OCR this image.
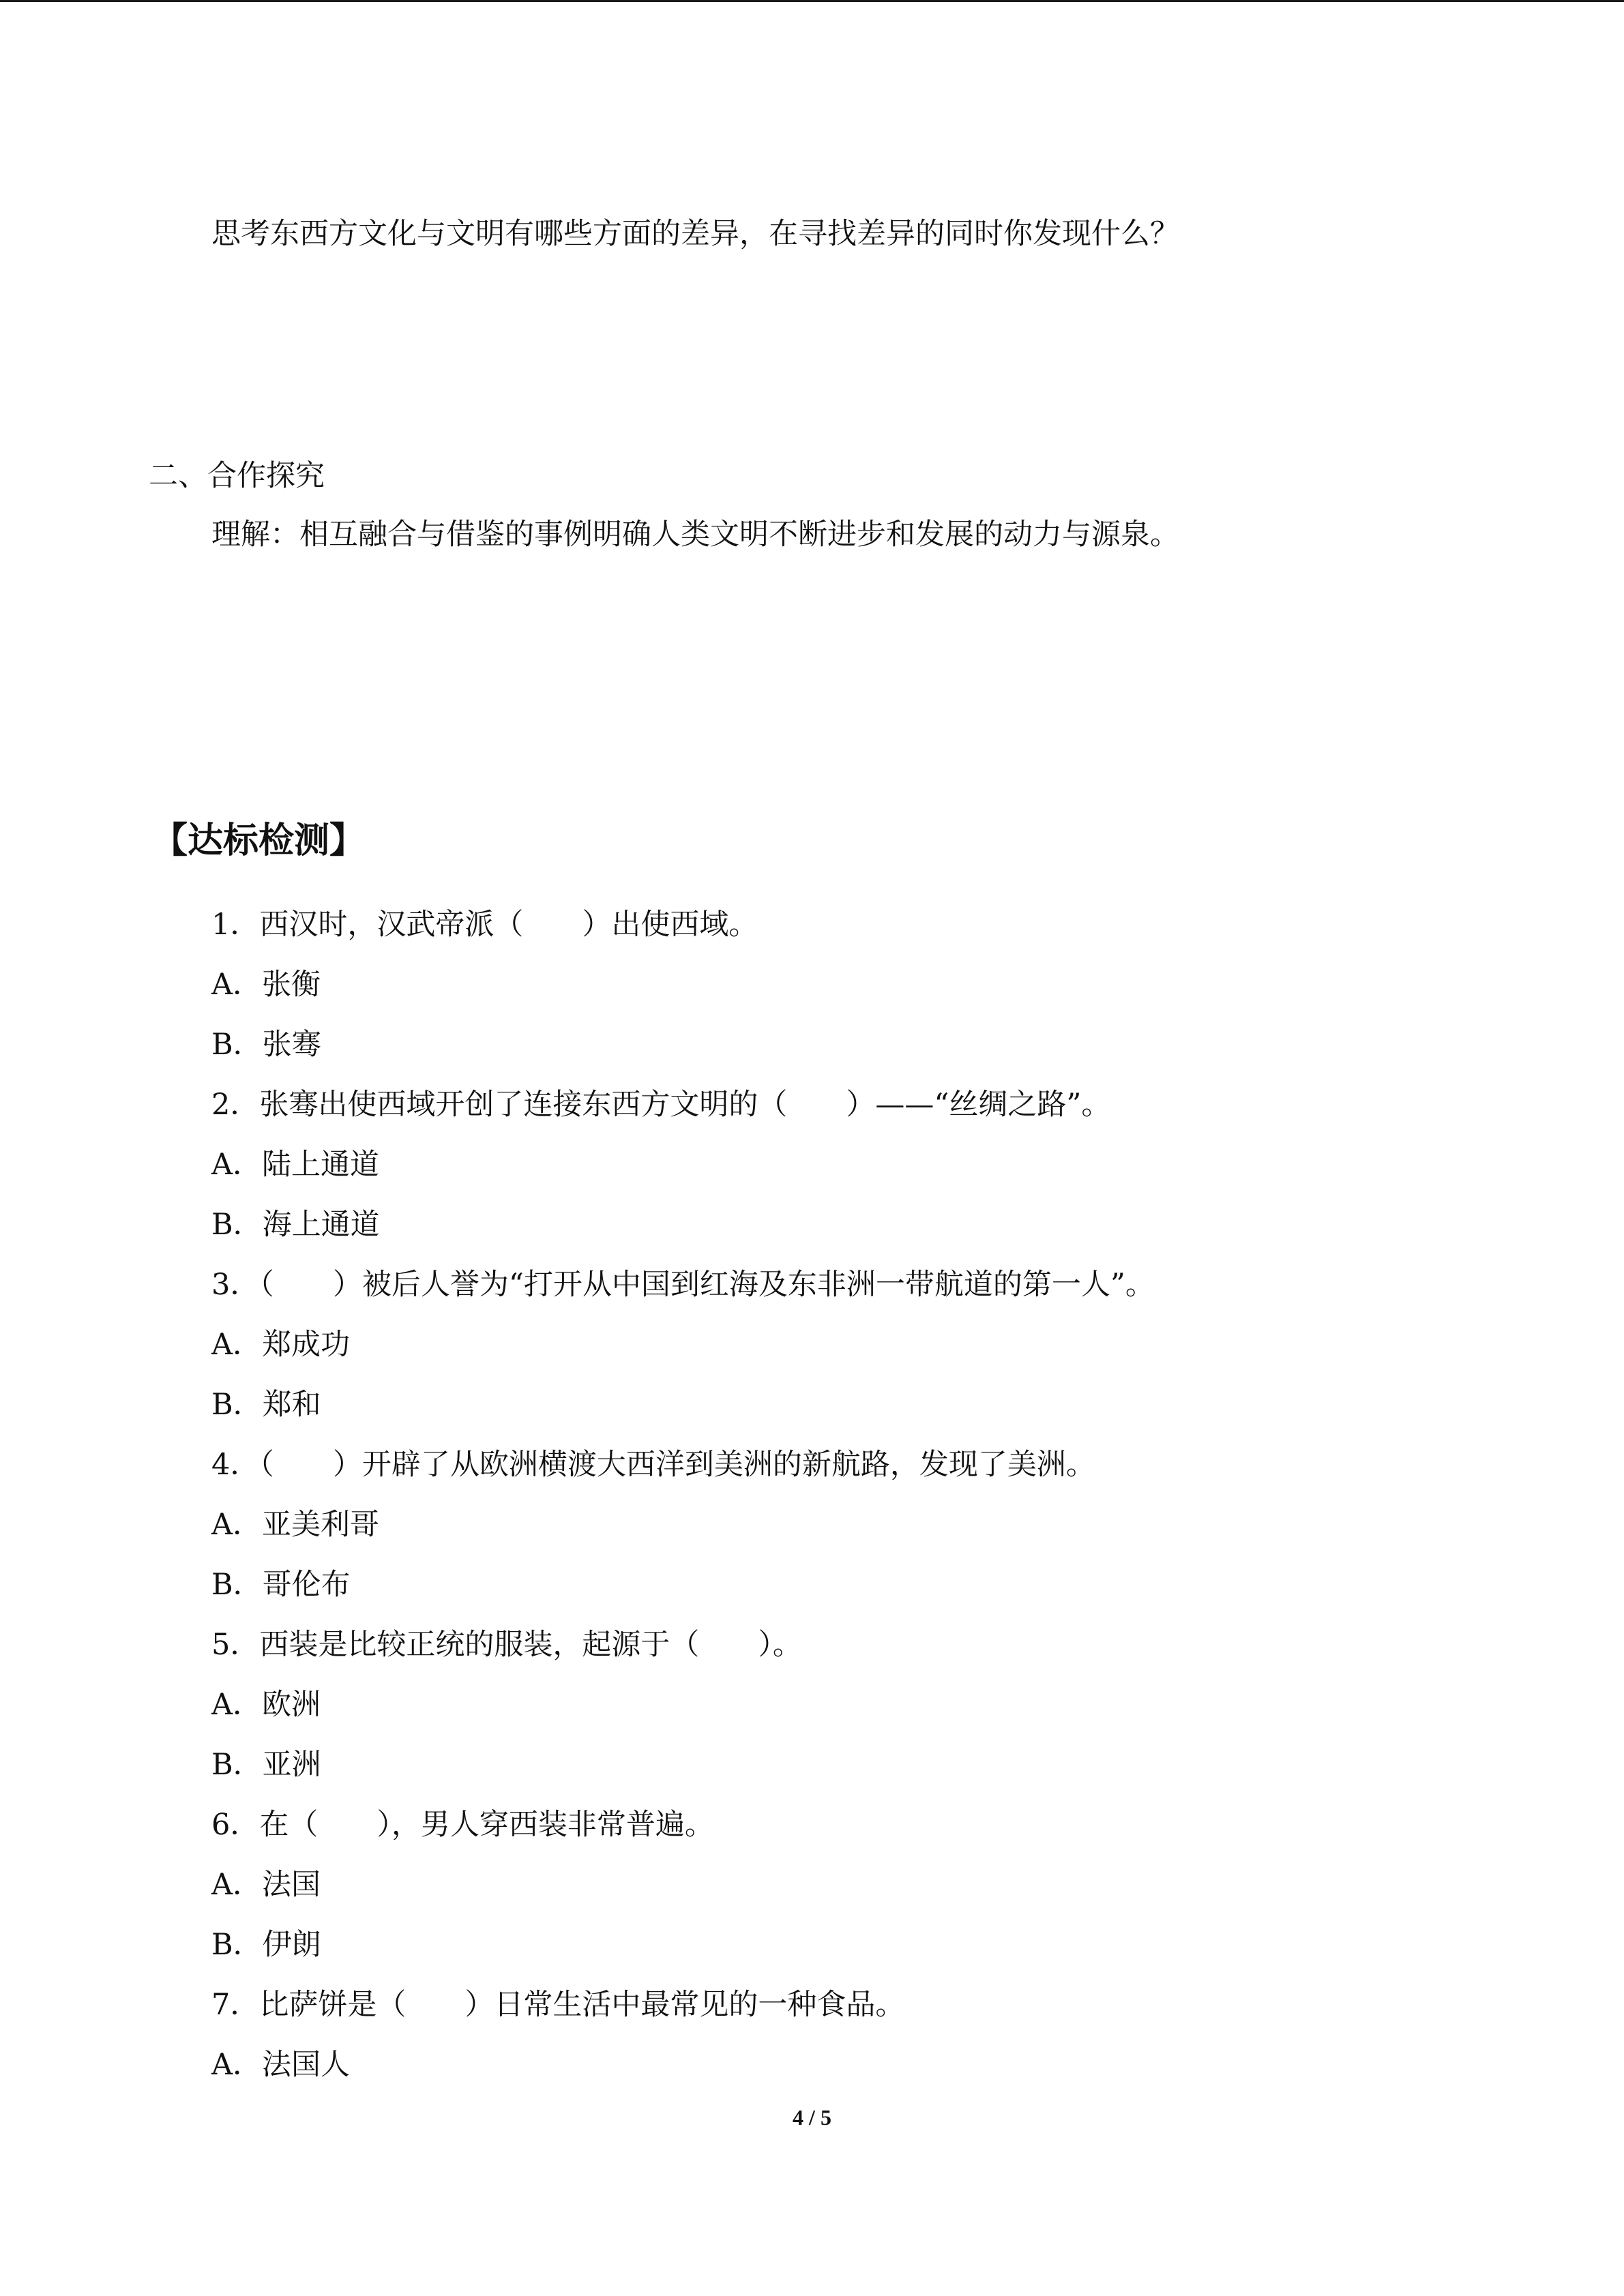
思考东西方文化与文明有哪些方面的差异，在寻找差异的同时你发现什么？
二、合作探究
理解：相互融合与借鉴的事例明确人类文明不断进步和发展的动力与源泉。
【达标检测】
1．西汉时，汉武帝派（　　）出使西域。
A．张衡
B．张骞
2．张骞出使西域开创了连接东西方文明的（　　）——“丝绸之路”。
A．陆上通道
B．海上通道
3．（　　）被后人誉为“打开从中国到红海及东非洲一带航道的第一人”。
A．郑成功
B．郑和
4．（　　）开辟了从欧洲横渡大西洋到美洲的新航路，发现了美洲。
A．亚美利哥
B．哥伦布
5．西装是比较正统的服装，起源于（　　）。
A．欧洲
B．亚洲
6．在（　　），男人穿西装非常普遍。
A．法国
B．伊朗
7．比萨饼是（　　）日常生活中最常见的一种食品。
A．法国人
4 / 5
